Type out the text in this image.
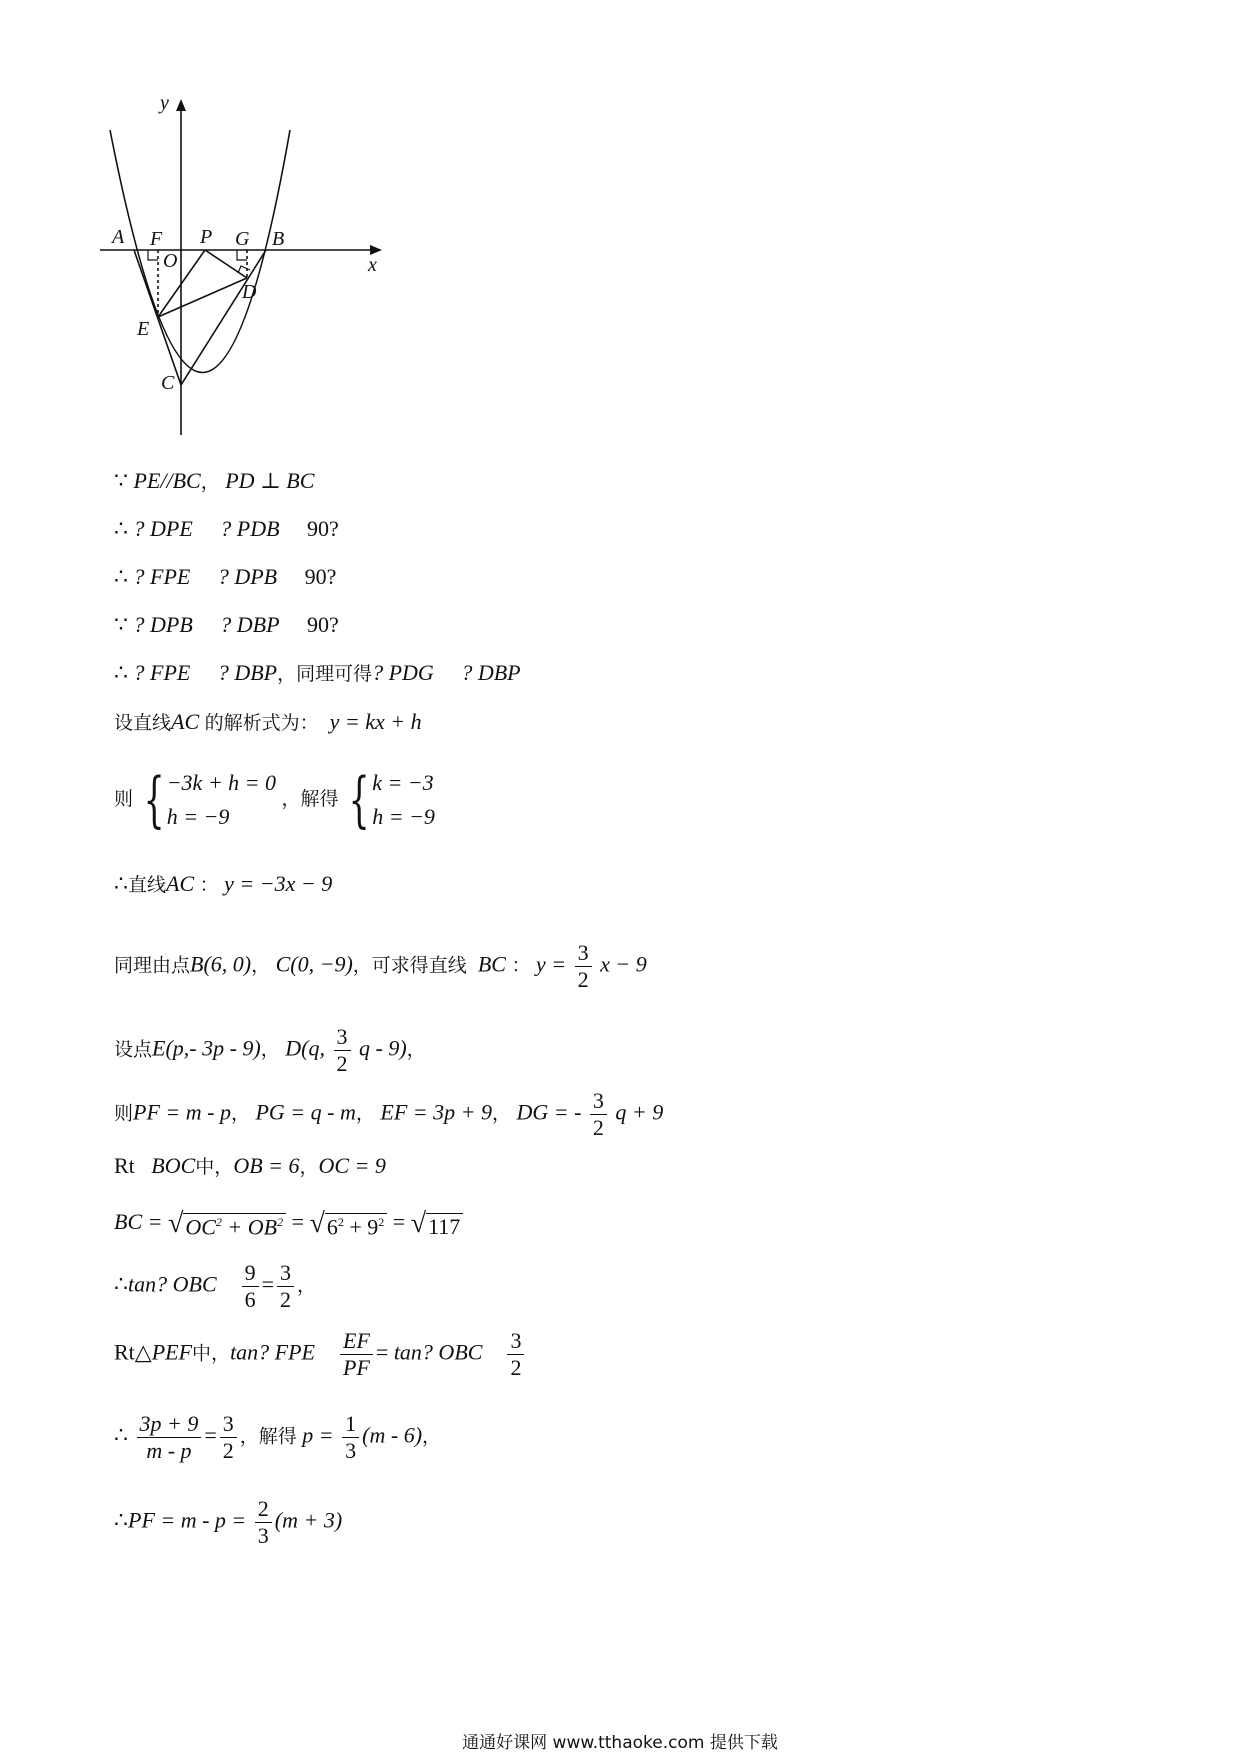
y
x
A F
O
P G B
D
E
C
∵ PE//BC， PD ⊥ BC
∴ ? DPE ? PDB 90?
∴ ? FPE ? DPB 90?
∵ ? DPB ? DBP 90?
∴ ? FPE ? DBP，同理可得? PDG ? DBP
设直线AC 的解析式为： y = kx + h
则 { −3k + h = 0
h = −9
，解得 { k = −3
h = −9
∴直线AC ： y = −3x − 9
同理由点B(6, 0)， C(0, −9)，可求得直线 BC ： $y = \frac{3}{2}$ x − 9
设点E(p,- 3p - 9)， D(q, $\frac{3}{2}$ q - 9)，
则PF = m - p， PG = q - m， EF = 3p + 9， DG = - $\frac{3}{2}$ q + 9
Rt BOC中，OB = 6，OC = 9
BC = √ $OC^2 + OB^2$ = √ $6^2 + 9^2$ = √ 117
∴tan? OBC $\frac{9}{6} = \frac{3}{2}$ ，
Rt△PEF中，tan? FPE $\frac{EF}{PF} = \tan$? OBC $\frac{3}{2}$
∴ $\frac{3p + 9}{m - p} = \frac{3}{2}$ ，解得 $p = \frac{1}{3} (m - 6)$，
∴PF = $m - p = \frac{2}{3} (m + 3)$
通通好课网 www.tthaoke.com 提供下载
